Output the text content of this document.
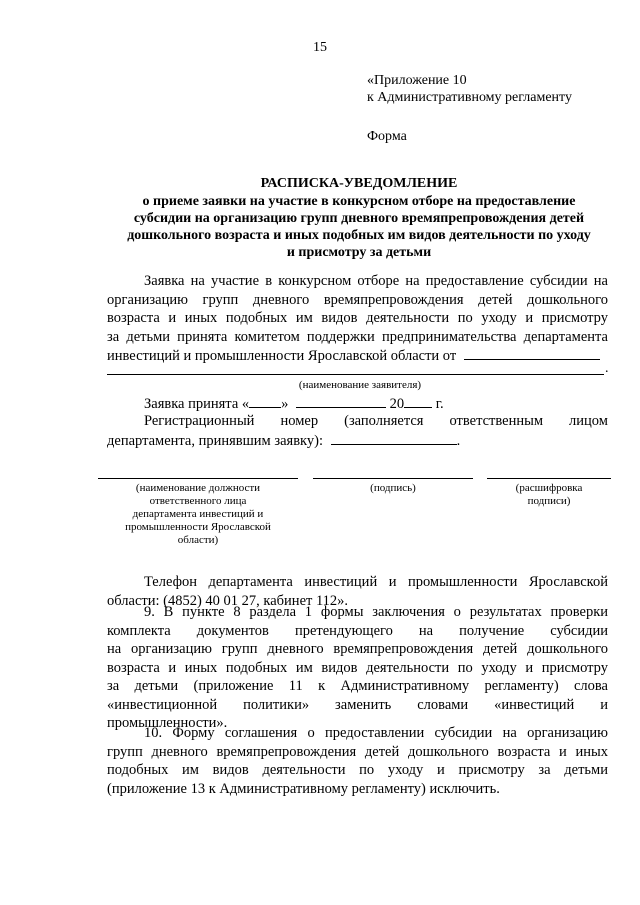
15
«Приложение 10
к Административному регламенту
Форма
РАСПИСКА-УВЕДОМЛЕНИЕ
о приеме заявки на участие в конкурсном отборе на предоставление
субсидии на организацию групп дневного времяпрепровождения детей
дошкольного возраста и иных подобных им видов деятельности по уходу
и присмотру за детьми
Заявка на участие в конкурсном отборе на предоставление субсидии на
организацию групп дневного времяпрепровождения детей дошкольного
возраста и иных подобных им видов деятельности по уходу и присмотру
за детьми принята комитетом поддержки предпринимательства департамента
инвестиций и промышленности Ярославской области от
.
(наименование заявителя)
Заявка принята « »	20 г.
Регистрационный номер (заполняется ответственным лицом
департамента, принявшим заявку):	.
(наименование должности
ответственного лица
департамента инвестиций и
промышленности Ярославской
области)
(подпись)	(расшифровка
подписи)
Телефон департамента инвестиций и промышленности Ярославской
области: (4852) 40 01 27, кабинет 112».
9. В пункте 8 раздела 1 формы заключения о результатах проверки
комплекта документов претендующего на получение субсидии
на организацию групп дневного времяпрепровождения детей дошкольного
возраста и иных подобных им видов деятельности по уходу и присмотру
за детьми (приложение 11 к Административному регламенту) слова
«инвестиционной политики» заменить словами «инвестиций и
промышленности».
10. Форму соглашения о предоставлении субсидии на организацию
групп дневного времяпрепровождения детей дошкольного возраста и иных
подобных им видов деятельности по уходу и присмотру за детьми
(приложение 13 к Административному регламенту) исключить.
